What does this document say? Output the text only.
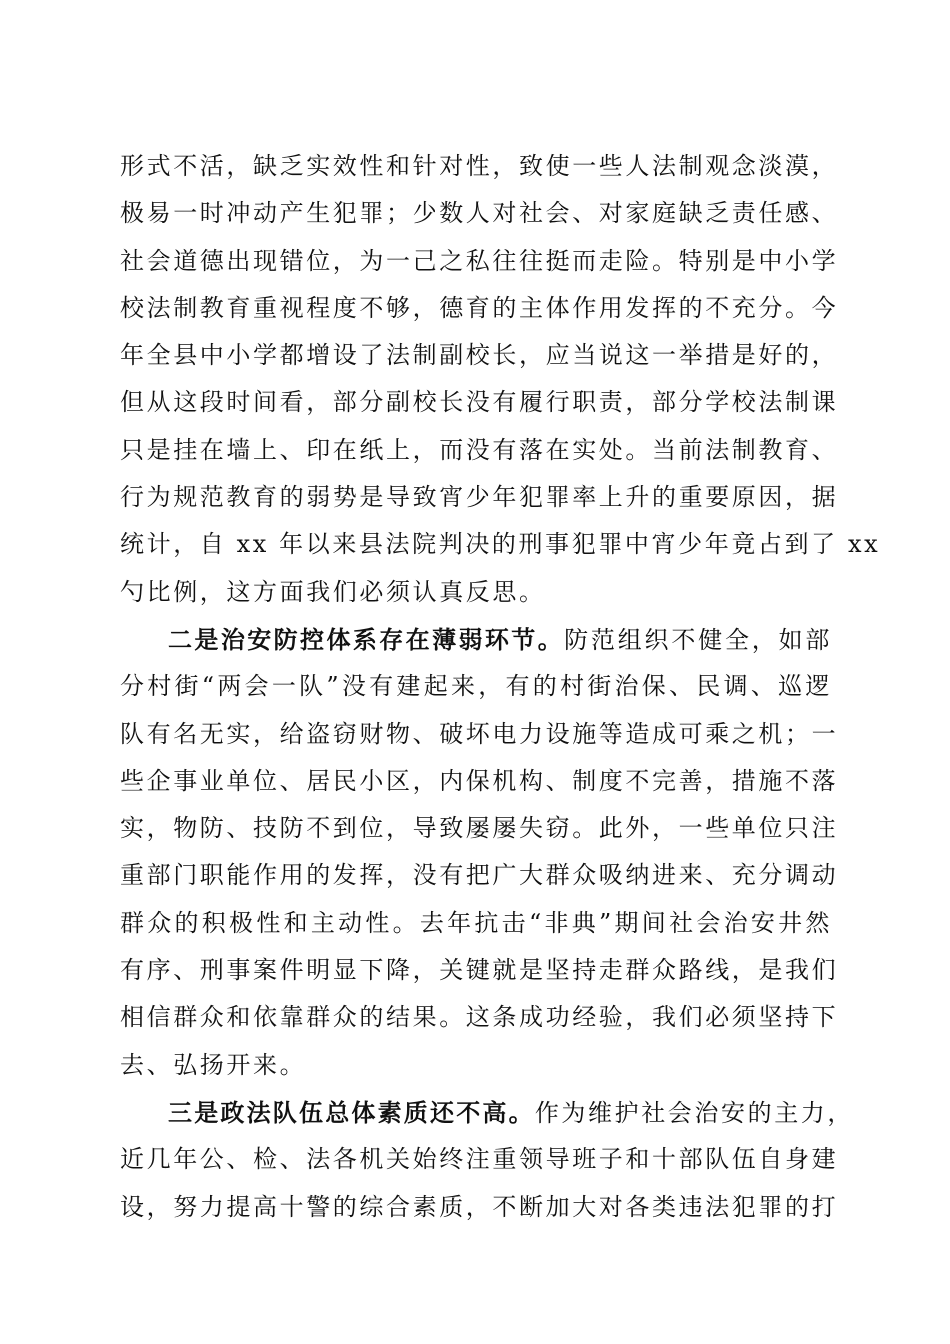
形式不活，缺乏实效性和针对性，致使一些人法制观念淡漠，
极易一时冲动产生犯罪；少数人对社会、对家庭缺乏责任感、
社会道德出现错位，为一己之私往往挺而走险。特别是中小学
校法制教育重视程度不够，德育的主体作用发挥的不充分。今
年全县中小学都增设了法制副校长，应当说这一举措是好的，
但从这段时间看，部分副校长没有履行职责，部分学校法制课
只是挂在墙上、印在纸上，而没有落在实处。当前法制教育、
行为规范教育的弱势是导致宵少年犯罪率上升的重要原因，据
统计，自 xx 年以来县法院判决的刑事犯罪中宵少年竟占到了 xx
勺比例，这方面我们必须认真反思。
二是治安防控体系存在薄弱环节。防范组织不健全，如部
分村街“两会一队”没有建起来，有的村街治保、民调、巡逻
队有名无实，给盗窃财物、破坏电力设施等造成可乘之机；一
些企事业单位、居民小区，内保机构、制度不完善，措施不落
实，物防、技防不到位，导致屡屡失窃。此外，一些单位只注
重部门职能作用的发挥，没有把广大群众吸纳进来、充分调动
群众的积极性和主动性。去年抗击“非典”期间社会治安井然
有序、刑事案件明显下降，关键就是坚持走群众路线，是我们
相信群众和依靠群众的结果。这条成功经验，我们必须坚持下
去、弘扬开来。
三是政法队伍总体素质还不高。作为维护社会治安的主力，
近几年公、检、法各机关始终注重领导班子和十部队伍自身建
设，努力提高十警的综合素质，不断加大对各类违法犯罪的打
